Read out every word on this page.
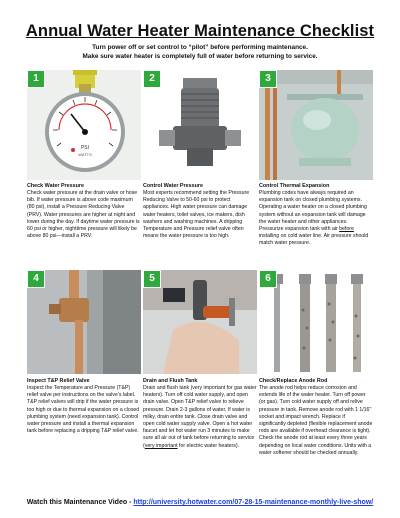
Annual Water Heater Maintenance Checklist
Turn power off or set control to “pilot” before performing maintenance.
Make sure water heater is completely full of water before returning to service.
PSI
WATTS
1
Check Water Pressure
Check water pressure at the drain valve or hose bib. If water pressure is above code maximum (80 psi), install a Pressure Reducing Valve (PRV). Water pressures are higher at night and lower during the day. If daytime water pressure is 60 psi or higher, nighttime pressure will likely be above 80 psi—install a PRV.
2
Control Water Pressure
Most experts recommend setting the Pressure Reducing Valve to 50-60 psi to protect appliances. High water pressure can damage water heaters, toilet valves, ice makers, dish washers and washing machines. A dripping Temperature and Pressure relief valve often means the water pressure is too high.
3
Control Thermal Expansion
Plumbing codes have always required an expansion tank on closed plumbing systems. Operating a water heater on a closed plumbing system without an expansion tank will damage the water heater and other appliances. Pressurize expansion tank with air before installing on cold water line. Air pressure should match water pressure.
4
Inspect T&P Relief Valve
Inspect the Temperature and Pressure (T&P) relief valve per instructions on the valve's label. T&P relief valves will drip if the water pressure is too high or due to thermal expansion on a closed plumbing system (need expansion tank). Control water pressure and install a thermal expansion tank before replacing a dripping T&P relief valve.
5
Drain and Flush Tank
Drain and flush tank (very important for gas water heaters). Turn off cold water supply, and open drain valve. Open T&P relief valve to relieve pressure. Drain 2-3 gallons of water. If water is milky, drain entire tank. Close drain valve and open cold water supply valve. Open a hot water faucet and let hot water run 3 minutes to make sure all air out of tank before returning to service (very important for electric water heaters).
6
Check/Replace Anode Rod
The anode rod helps reduce corrosion and extends life of the water heater. Turn off power (or gas). Turn cold water supply off and relive pressure in tank. Remove anode rod with 1 1/16" socket and impact wrench. Replace if significantly depleted (flexible replacement anode rods are available if overhead clearance is tight). Check the anode rod at least every three years depending on local water conditions. Units with a water softener should be checked annually.
Watch this Maintenance Video - http://university.hotwater.com/07-28-15-maintenance-monthly-live-show/
